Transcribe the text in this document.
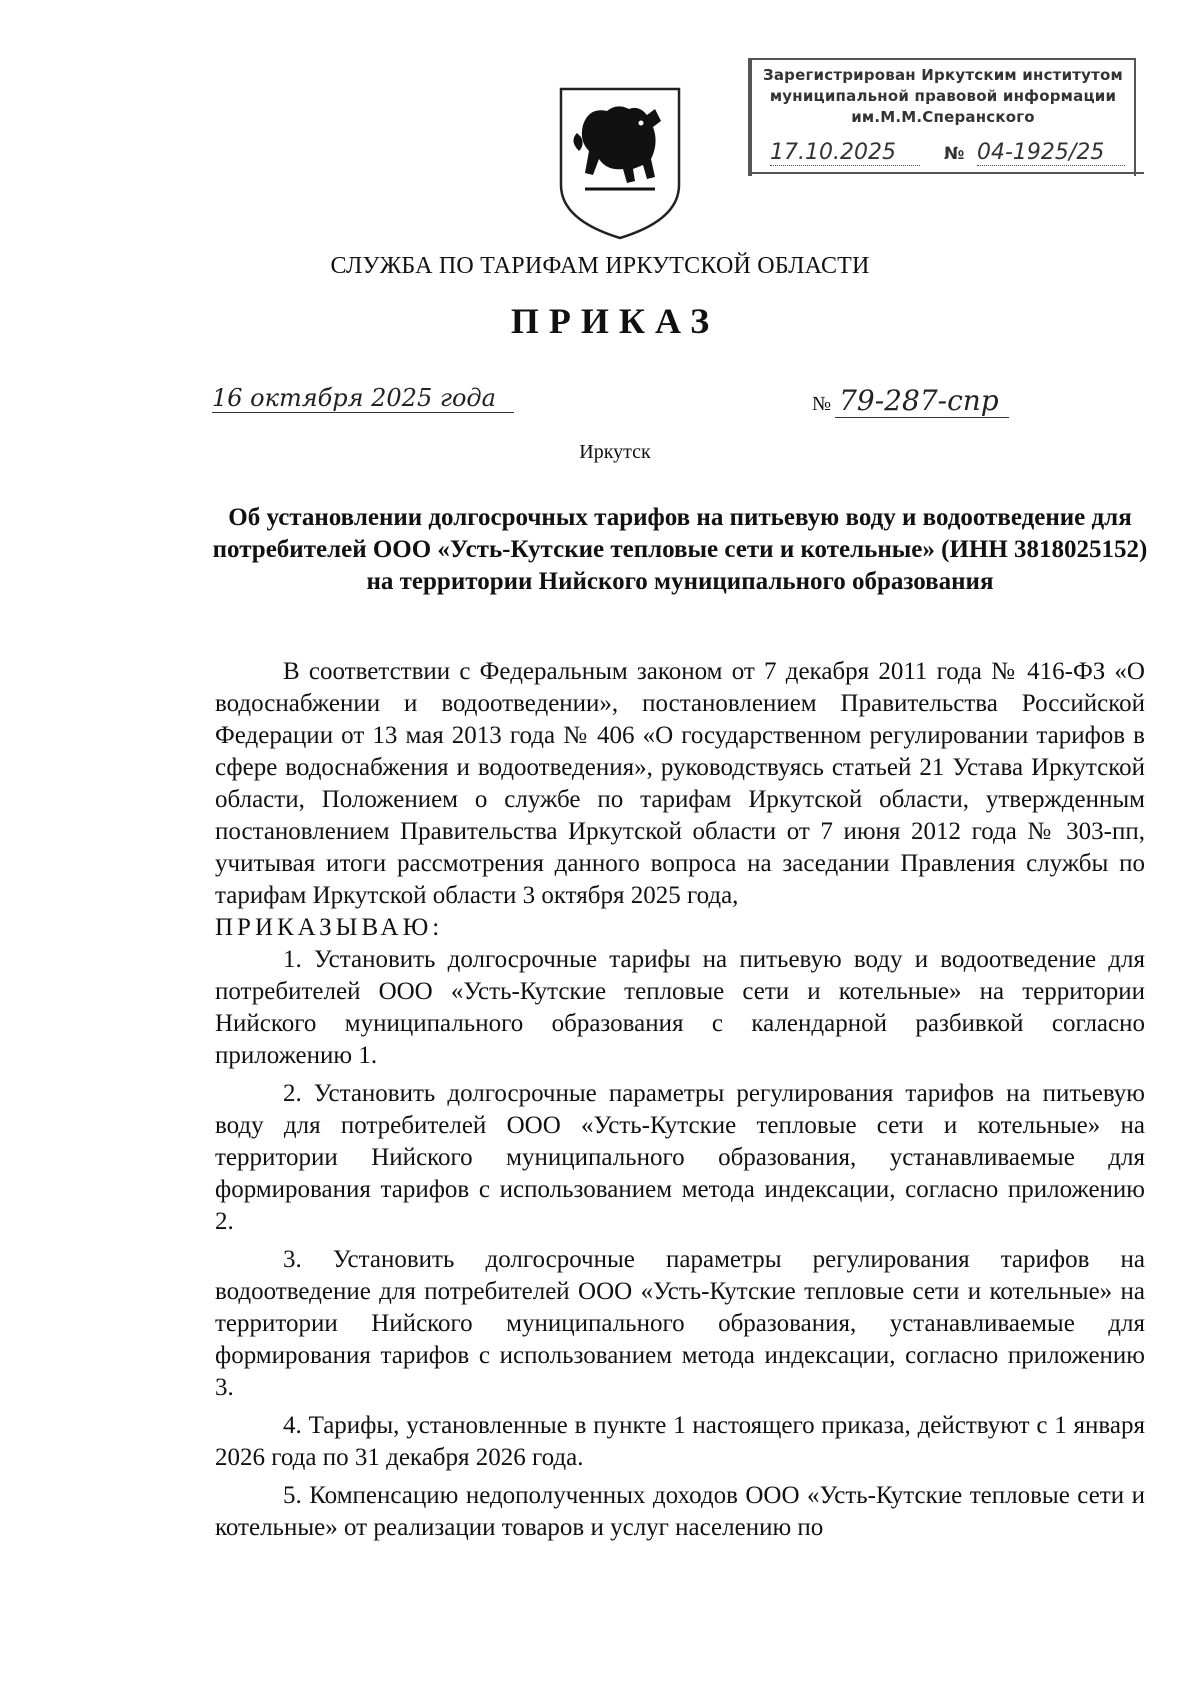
Зарегистрирован Иркутским институтом
муниципальной правовой информации
им.М.М.Сперанского
17.10.2025	№ 04-1925/25
СЛУЖБА ПО ТАРИФАМ ИРКУТСКОЙ ОБЛАСТИ
ПРИКАЗ
16 октября 2025 года	№ 79-287-спр
Иркутск
Об установлении долгосрочных тарифов на питьевую воду и водоотведение для потребителей ООО «Усть-Кутские тепловые сети и котельные» (ИНН 3818025152) на территории Нийского муниципального образования

В соответствии с Федеральным законом от 7 декабря 2011 года № 416-ФЗ «О водоснабжении и водоотведении», постановлением Правительства Российской Федерации от 13 мая 2013 года № 406 «О государственном регулировании тарифов в сфере водоснабжения и водоотведения», руководствуясь статьей 21 Устава Иркутской области, Положением о службе по тарифам Иркутской области, утвержденным постановлением Правительства Иркутской области от 7 июня 2012 года № 303-пп, учитывая итоги рассмотрения данного вопроса на заседании Правления службы по тарифам Иркутской области 3 октября 2025 года,

ПРИКАЗЫВАЮ:

1. Установить долгосрочные тарифы на питьевую воду и водоотведение для потребителей ООО «Усть-Кутские тепловые сети и котельные» на территории Нийского муниципального образования с календарной разбивкой согласно приложению 1.

2. Установить долгосрочные параметры регулирования тарифов на питьевую воду для потребителей ООО «Усть-Кутские тепловые сети и котельные» на территории Нийского муниципального образования, устанавливаемые для формирования тарифов с использованием метода индексации, согласно приложению 2.

3. Установить долгосрочные параметры регулирования тарифов на водоотведение для потребителей ООО «Усть-Кутские тепловые сети и котельные» на территории Нийского муниципального образования, устанавливаемые для формирования тарифов с использованием метода индексации, согласно приложению 3.

4. Тарифы, установленные в пункте 1 настоящего приказа, действуют с 1 января 2026 года по 31 декабря 2026 года.

5. Компенсацию недополученных доходов ООО «Усть-Кутские тепловые сети и котельные» от реализации товаров и услуг населению по
